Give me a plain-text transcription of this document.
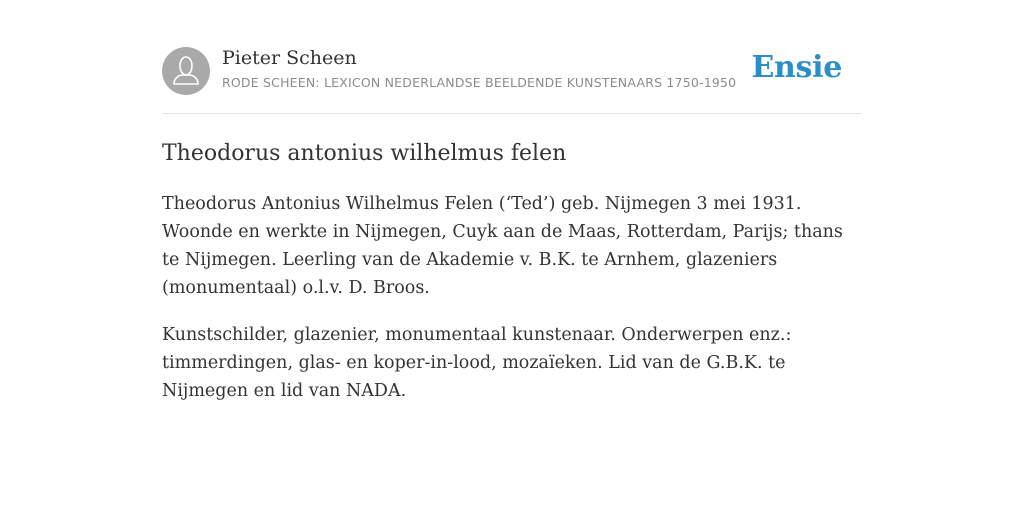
Pieter Scheen
RODE SCHEEN: LEXICON NEDERLANDSE BEELDENDE KUNSTENAARS 1750-1950 Ensie
Theodorus antonius wilhelmus felen

Theodorus Antonius Wilhelmus Felen (‘Ted’) geb. Nijmegen 3 mei 1931. Woonde en werkte in Nijmegen, Cuyk aan de Maas, Rotterdam, Parijs; thans te Nijmegen. Leerling van de Akademie v. B.K. te Arnhem, glazeniers (monumentaal) o.l.v. D. Broos.

Kunstschilder, glazenier, monumentaal kunstenaar. Onderwerpen enz.: timmerdingen, glas- en koper-in-lood, mozaïeken. Lid van de G.B.K. te Nijmegen en lid van NADA.
